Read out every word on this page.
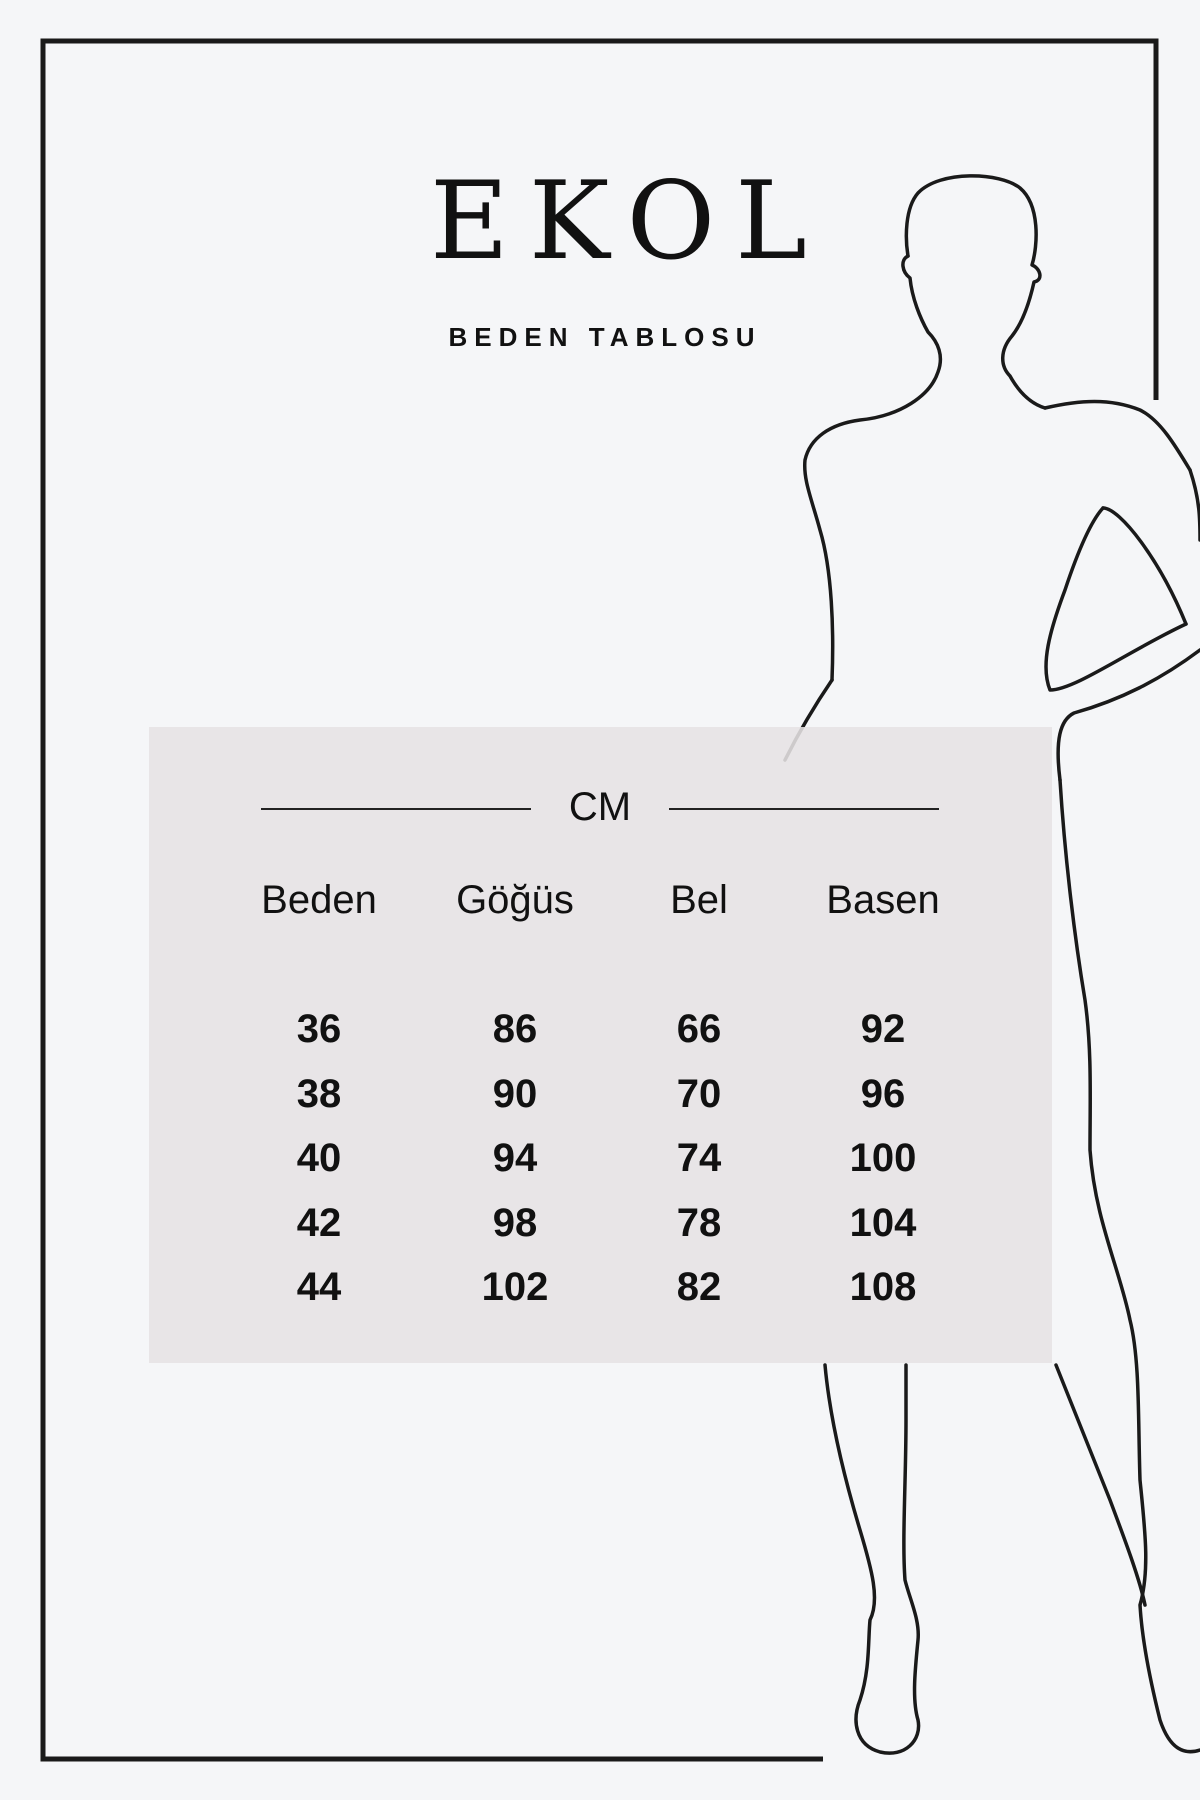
EKOL
BEDEN TABLOSU
CM
Beden
36
38
40
42
44
Göğüs
86
90
94
98
102
Bel
66
70
74
78
82
Basen
92
96
100
104
108
